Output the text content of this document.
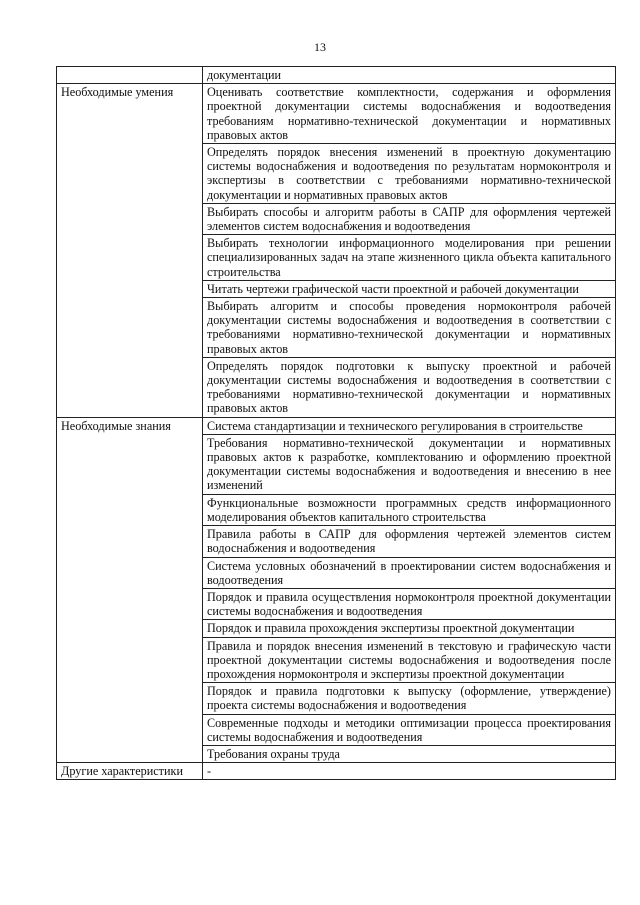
13
	документации
Необходимые умения	Оценивать соответствие комплектности, содержания и оформления проектной документации системы водоснабжения и водоотведения требованиям нормативно-технической документации и нормативных правовых актов
	Определять порядок внесения изменений в проектную документацию системы водоснабжения и водоотведения по результатам нормоконтроля и экспертизы в соответствии с требованиями нормативно-технической документации и нормативных правовых актов
	Выбирать способы и алгоритм работы в САПР для оформления чертежей элементов систем водоснабжения и водоотведения
	Выбирать технологии информационного моделирования при решении специализированных задач на этапе жизненного цикла объекта капитального строительства
	Читать чертежи графической части проектной и рабочей документации
	Выбирать алгоритм и способы проведения нормоконтроля рабочей документации системы водоснабжения и водоотведения в соответствии с требованиями нормативно-технической документации и нормативных правовых актов
	Определять порядок подготовки к выпуску проектной и рабочей документации системы водоснабжения и водоотведения в соответствии с требованиями нормативно-технической документации и нормативных правовых актов
Необходимые знания	Система стандартизации и технического регулирования в строительстве
	Требования нормативно-технической документации и нормативных правовых актов к разработке, комплектованию и оформлению проектной документации системы водоснабжения и водоотведения и внесению в нее изменений
	Функциональные возможности программных средств информационного моделирования объектов капитального строительства
	Правила работы в САПР для оформления чертежей элементов систем водоснабжения и водоотведения
	Система условных обозначений в проектировании систем водоснабжения и водоотведения
	Порядок и правила осуществления нормоконтроля проектной документации системы водоснабжения и водоотведения
	Порядок и правила прохождения экспертизы проектной документации
	Правила и порядок внесения изменений в текстовую и графическую части проектной документации системы водоснабжения и водоотведения после прохождения нормоконтроля и экспертизы проектной документации
	Порядок и правила подготовки к выпуску (оформление, утверждение) проекта системы водоснабжения и водоотведения
	Современные подходы и методики оптимизации процесса проектирования системы водоснабжения и водоотведения
	Требования охраны труда
Другие характеристики	-
